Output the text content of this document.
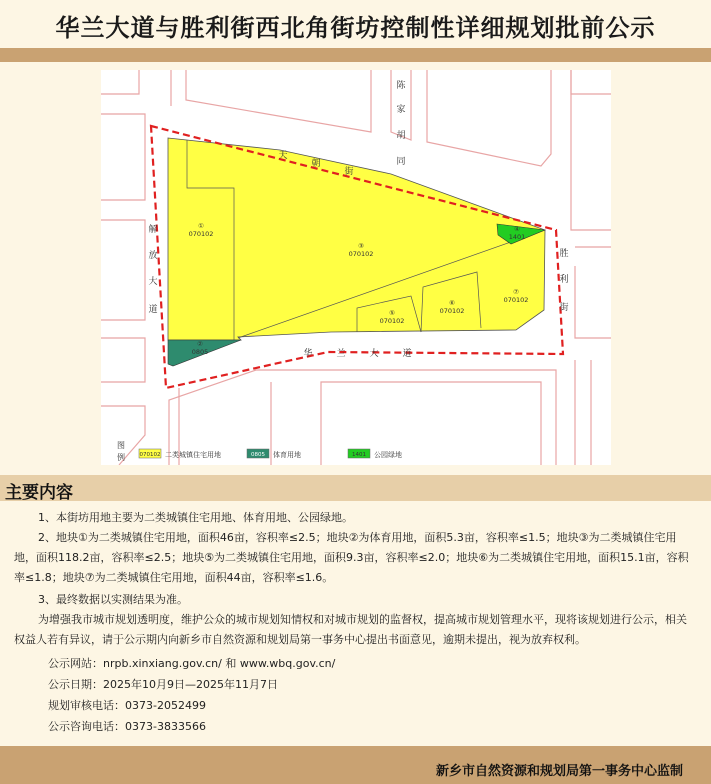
华兰大道与胜利街西北角街坊控制性详细规划批前公示
①
070102
②
0805
③
070102
④
1401
⑤
070102
⑥
070102
⑦
070102
天
朝
街
陈
家
胡
同
解
放
大
道
胜
利
街
华	兰	大	道
图
例	070102 二类城镇住宅用地	0805 体育用地	1401 公园绿地
主要内容
1、本街坊用地主要为二类城镇住宅用地、体育用地、公园绿地。
2、地块①为二类城镇住宅用地，面积46亩，容积率≤2.5；地块②为体育用地，面积5.3亩，容积率≤1.5；地块③为二类城镇住宅用地，面积118.2亩，容积率≤2.5；地块⑤为二类城镇住宅用地，面积9.3亩，容积率≤2.0；地块⑥为二类城镇住宅用地，面积15.1亩，容积率≤1.8；地块⑦为二类城镇住宅用地，面积44亩，容积率≤1.6。
3、最终数据以实测结果为准。
为增强我市城市规划透明度，维护公众的城市规划知情权和对城市规划的监督权，提高城市规划管理水平，现将该规划进行公示，相关权益人若有异议，请于公示期内向新乡市自然资源和规划局第一事务中心提出书面意见，逾期未提出，视为放弃权利。
公示网站：nrpb.xinxiang.gov.cn/ 和 www.wbq.gov.cn/
公示日期：2025年10月9日—2025年11月7日
规划审核电话：0373-2052499
公示咨询电话：0373-3833566
新乡市自然资源和规划局第一事务中心监制
